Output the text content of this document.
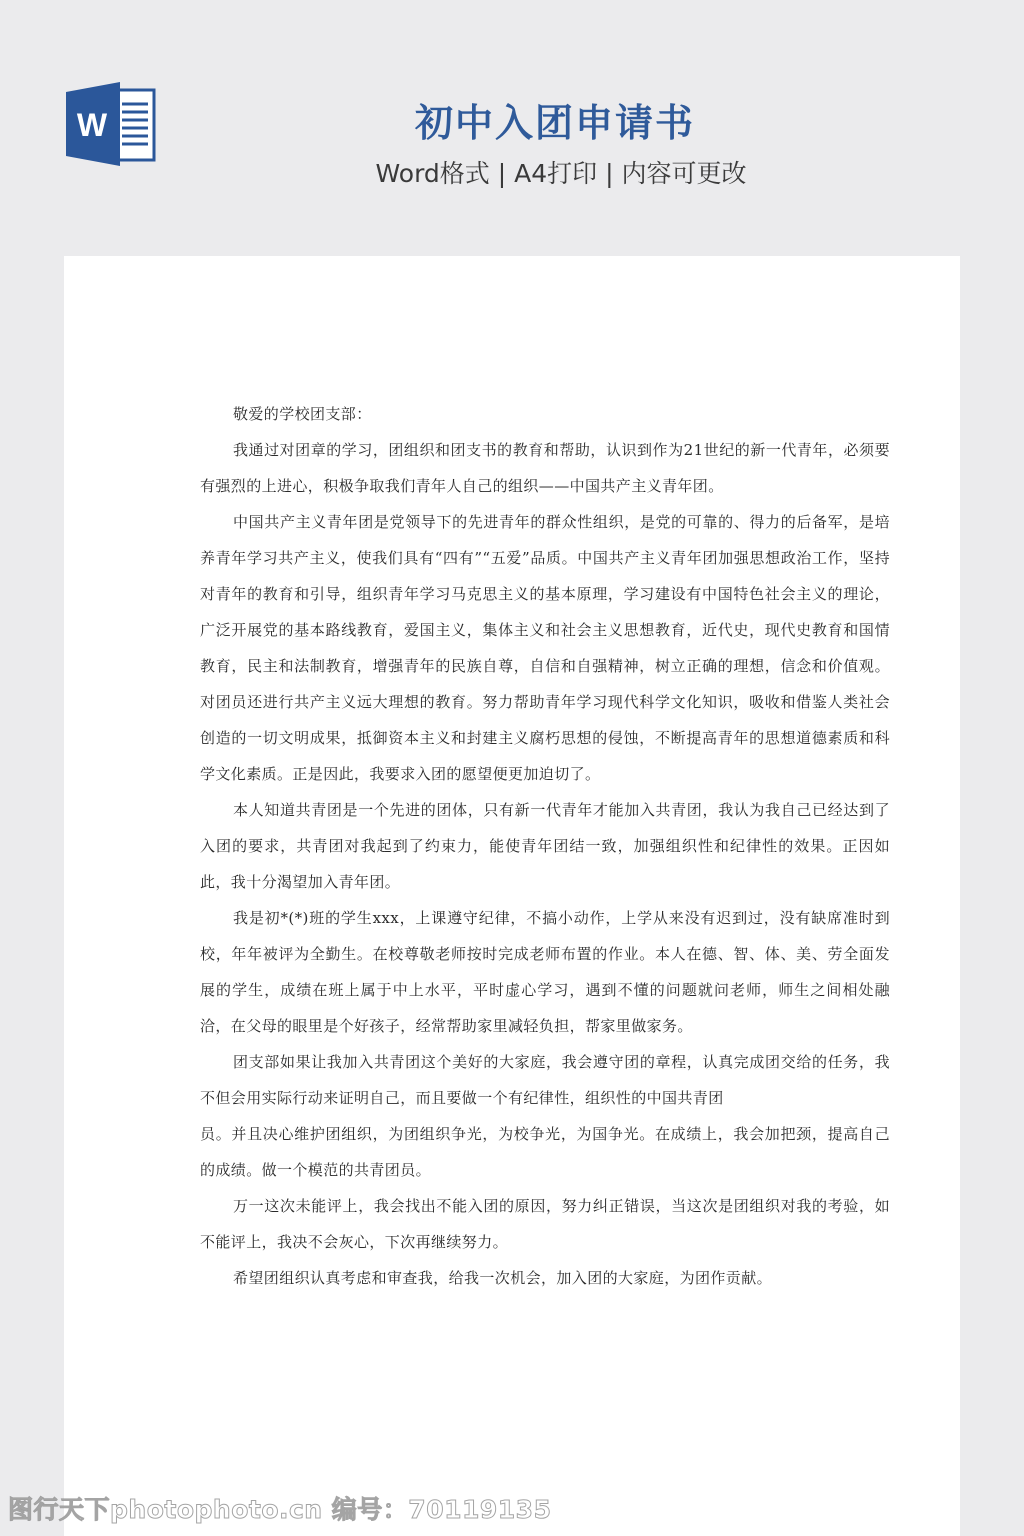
W	初中入团申请书
Word格式 | A4打印 | 内容可更改

敬爱的学校团支部：

我通过对团章的学习，团组织和团支书的教育和帮助，认识到作为21世纪的新一代青年，必须要有强烈的上进心，积极争取我们青年人自己的组织——中国共产主义青年团。

中国共产主义青年团是党领导下的先进青年的群众性组织，是党的可靠的、得力的后备军，是培养青年学习共产主义，使我们具有“四有”“五爱”品质。中国共产主义青年团加强思想政治工作，坚持对青年的教育和引导，组织青年学习马克思主义的基本原理，学习建设有中国特色社会主义的理论，广泛开展党的基本路线教育，爱国主义，集体主义和社会主义思想教育，近代史，现代史教育和国情教育，民主和法制教育，增强青年的民族自尊，自信和自强精神，树立正确的理想，信念和价值观。对团员还进行共产主义远大理想的教育。努力帮助青年学习现代科学文化知识，吸收和借鉴人类社会创造的一切文明成果，抵御资本主义和封建主义腐朽思想的侵蚀，不断提高青年的思想道德素质和科学文化素质。正是因此，我要求入团的愿望便更加迫切了。

本人知道共青团是一个先进的团体，只有新一代青年才能加入共青团，我认为我自己已经达到了入团的要求，共青团对我起到了约束力，能使青年团结一致，加强组织性和纪律性的效果。正因如此，我十分渴望加入青年团。

我是初*(*)班的学生xxx，上课遵守纪律，不搞小动作，上学从来没有迟到过，没有缺席准时到校，年年被评为全勤生。在校尊敬老师按时完成老师布置的作业。本人在德、智、体、美、劳全面发展的学生，成绩在班上属于中上水平，平时虚心学习，遇到不懂的问题就问老师，师生之间相处融洽，在父母的眼里是个好孩子，经常帮助家里减轻负担，帮家里做家务。

团支部如果让我加入共青团这个美好的大家庭，我会遵守团的章程，认真完成团交给的任务，我不但会用实际行动来证明自己，而且要做一个有纪律性，组织性的中国共青团

员。并且决心维护团组织，为团组织争光，为校争光，为国争光。在成绩上，我会加把颈，提高自己的成绩。做一个模范的共青团员。

万一这次未能评上，我会找出不能入团的原因，努力纠正错误，当这次是团组织对我的考验，如不能评上，我决不会灰心，下次再继续努力。

希望团组织认真考虑和审查我，给我一次机会，加入团的大家庭，为团作贡献。

图行天下photophoto.cn 编号：70119135
